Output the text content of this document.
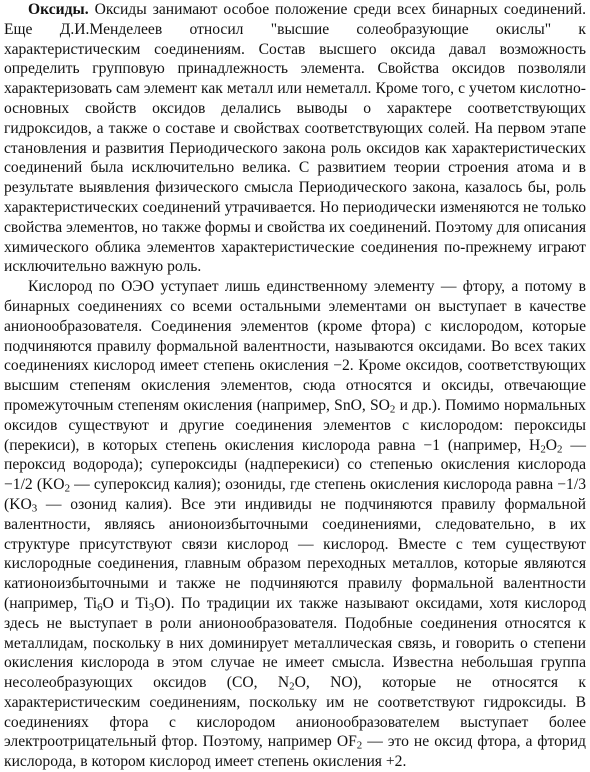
Оксиды. Оксиды занимают особое положение среди всех бинарных соединений. Еще Д.И.Менделеев относил "высшие солеобразующие окислы" к характеристическим соединениям. Состав высшего оксида давал возможность определить групповую принадлежность элемента. Свойства оксидов позволяли характеризовать сам элемент как металл или неметалл. Кроме того, с учетом кислотно-основных свойств оксидов делались выводы о характере соответствующих гидроксидов, а также о составе и свойствах соответствующих солей. На первом этапе становления и развития Периодического закона роль оксидов как характеристических соединений была исключительно велика. С развитием теории строения атома и в результате выявления физического смысла Периодического закона, казалось бы, роль характеристических соединений утрачивается. Но периодически изменяются не только свойства элементов, но также формы и свойства их соединений. Поэтому для описания химического облика элементов характеристические соединения по-прежнему играют исключительно важную роль.

Кислород по ОЭО уступает лишь единственному элементу — фтору, а потому в бинарных соединениях со всеми остальными элементами он выступает в качестве анионообразователя. Соединения элементов (кроме фтора) с кислородом, которые подчиняются правилу формальной валентности, называются оксидами. Во всех таких соединениях кислород имеет степень окисления −2. Кроме оксидов, соответствующих высшим степеням окисления элементов, сюда относятся и оксиды, отвечающие промежуточным степеням окисления (например, SnO, $SO_2$ и др.). Помимо нормальных оксидов существуют и другие соединения элементов с кислородом: пероксиды (перекиси), в которых степень окисления кислорода равна −1 (например, $H_2O_2$ — пероксид водорода); супероксиды (надперекиси) со степенью окисления кислорода −1/2 ($KO_2$ — супероксид калия); озониды, где степень окисления кислорода равна −1/3 ($KO_3$ — озонид калия). Все эти индивиды не подчиняются правилу формальной валентности, являясь анионоизбыточными соединениями, следовательно, в их структуре присутствуют связи кислород — кислород. Вместе с тем существуют кислородные соединения, главным образом переходных металлов, которые являются катионоизбыточными и также не подчиняются правилу формальной валентности (например, $Ti_6O$ и $Ti_3O$). По традиции их также называют оксидами, хотя кислород здесь не выступает в роли анионообразователя. Подобные соединения относятся к металлидам, поскольку в них доминирует металлическая связь, и говорить о степени окисления кислорода в этом случае не имеет смысла. Известна небольшая группа несолеобразующих оксидов (CO, $N_2O$, NO), которые не относятся к характеристическим соединениям, поскольку им не соответствуют гидроксиды. В соединениях фтора с кислородом анионообразователем выступает более электроотрицательный фтор. Поэтому, например $OF_2$ — это не оксид фтора, а фторид кислорода, в котором кислород имеет степень окисления +2.
